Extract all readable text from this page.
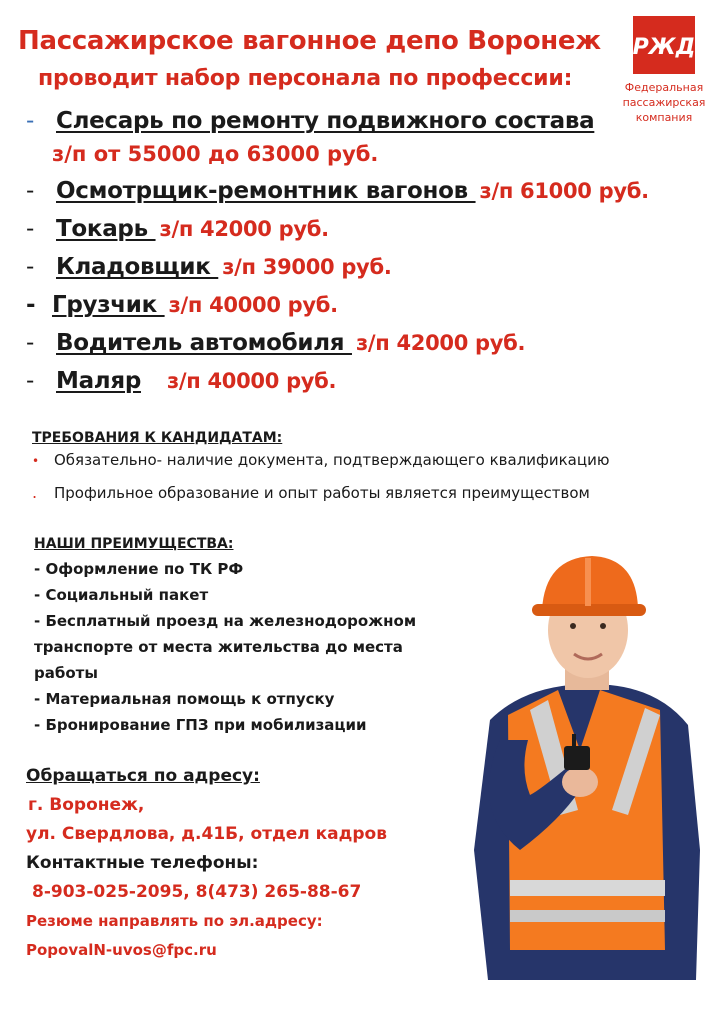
Пассажирское вагонное депо Воронеж
проводит набор персонала по профессии:
РЖД
Федеральная
пассажирская
компания
- Слесарь по ремонту подвижного состава
з/п от 55000 до 63000 руб.
- Осмотрщик-ремонтник вагонов з/п 61000 руб.
- Токарь з/п 42000 руб.
- Кладовщик з/п 39000 руб.
- Грузчик з/п 40000 руб.
- Водитель автомобиля з/п 42000 руб.
- Маляр з/п 40000 руб.
ТРЕБОВАНИЯ К КАНДИДАТАМ:
• Обязательно- наличие документа, подтверждающего квалификацию
. Профильное образование и опыт работы является преимуществом
НАШИ ПРЕИМУЩЕСТВА:
- Оформление по ТК РФ
- Социальный пакет
- Бесплатный проезд на железнодорожном транспорте от места жительства до места работы
- Материальная помощь к отпуску
- Бронирование ГПЗ при мобилизации
Обращаться по адресу:
г. Воронеж,
ул. Свердлова, д.41Б, отдел кадров
Контактные телефоны:
8-903-025-2095, 8(473) 265-88-67
Резюме направлять по эл.адресу:
PopovalN-uvos@fpc.ru
